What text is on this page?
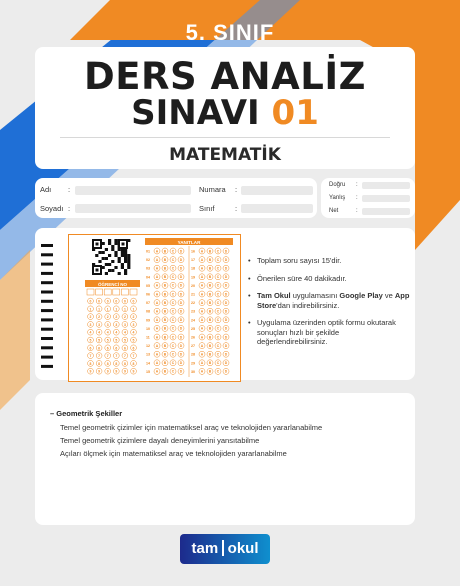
5. SINIF
DERS ANALİZ
SINAVI 01
MATEMATİK
Adı :
Soyadı :
Numara :
Sınıf	:
Doğru :
Yanlış :
Net	:
ÖĞRENCİ NO
0 0 0 0 0 0
1 1 1 1 1 1
2 2 2 2 2 2
3 3 3 3 3 3
4 4 4 4 4 4
5 5 5 5 5 5
6 6 6 6 6 6
7 7 7 7 7 7
8 8 8 8 8 8
9 9 9 9 9 9
YANITLAR
01 A B C D
02 A B C D
03 A B C D
04 A B C D
05 A B C D
06 A B C D
07 A B C D
08 A B C D
09 A B C D
10 A B C D
11 A B C D
12 A B C D
13 A B C D
14 A B C D
15 A B C D
16 A B C D
17 A B C D
18 A B C D
19 A B C D
20 A B C D
21 A B C D
22 A B C D
23 A B C D
24 A B C D
25 A B C D
26 A B C D
27 A B C D
28 A B C D
29 A B C D
30 A B C D
• Toplam soru sayısı 15'dir.
• Önerilen süre 40 dakikadır.
• Tam Okul uygulamasını Google Play ve App Store'dan indirebilirsiniz.
• Uygulama üzerinden optik formu okutarak sonuçları hızlı bir şekilde değerlendirebilirsiniz.
– Geometrik Şekiller
Temel geometrik çizimler için matematiksel araç ve teknolojiden yararlanabilme
Temel geometrik çizimlere dayalı deneyimlerini yansıtabilme
Açıları ölçmek için matematiksel araç ve teknolojiden yararlanabilme
tam okul
